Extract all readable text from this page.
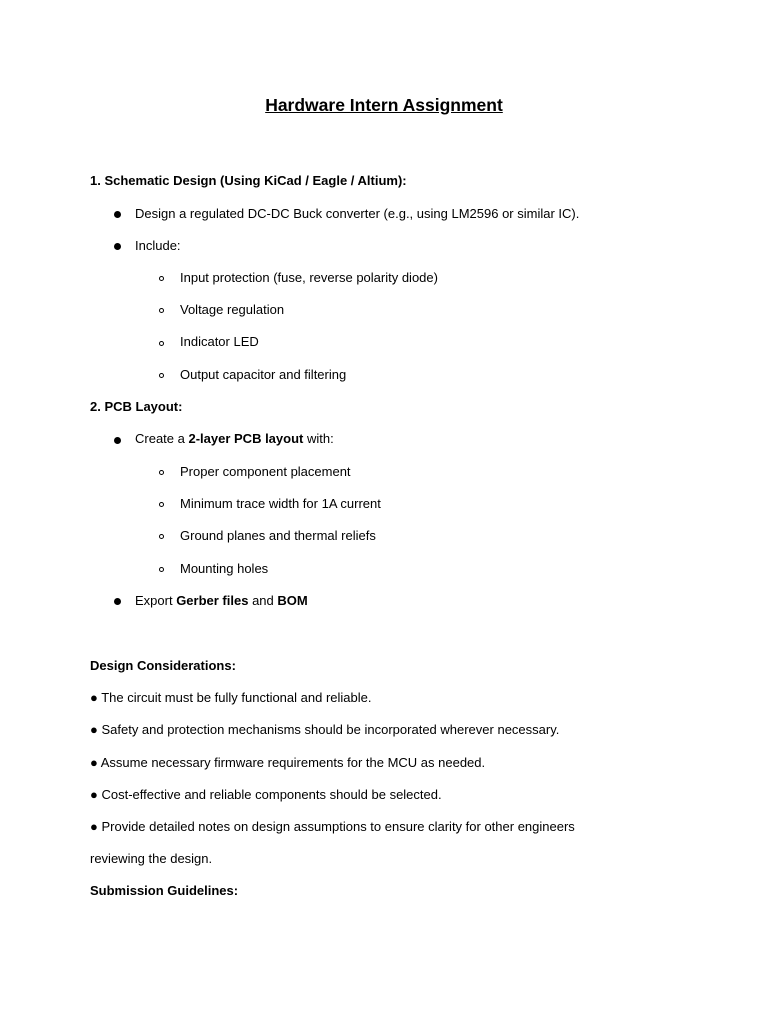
Hardware Intern Assignment
1. Schematic Design (Using KiCad / Eagle / Altium):
Design a regulated DC-DC Buck converter (e.g., using LM2596 or similar IC).
Include:
Input protection (fuse, reverse polarity diode)
Voltage regulation
Indicator LED
Output capacitor and filtering
2. PCB Layout:
Create a 2-layer PCB layout with:
Proper component placement
Minimum trace width for 1A current
Ground planes and thermal reliefs
Mounting holes
Export Gerber files and BOM
Design Considerations:
● The circuit must be fully functional and reliable.
● Safety and protection mechanisms should be incorporated wherever necessary.
● Assume necessary firmware requirements for the MCU as needed.
● Cost-effective and reliable components should be selected.
● Provide detailed notes on design assumptions to ensure clarity for other engineers
reviewing the design.
Submission Guidelines:
